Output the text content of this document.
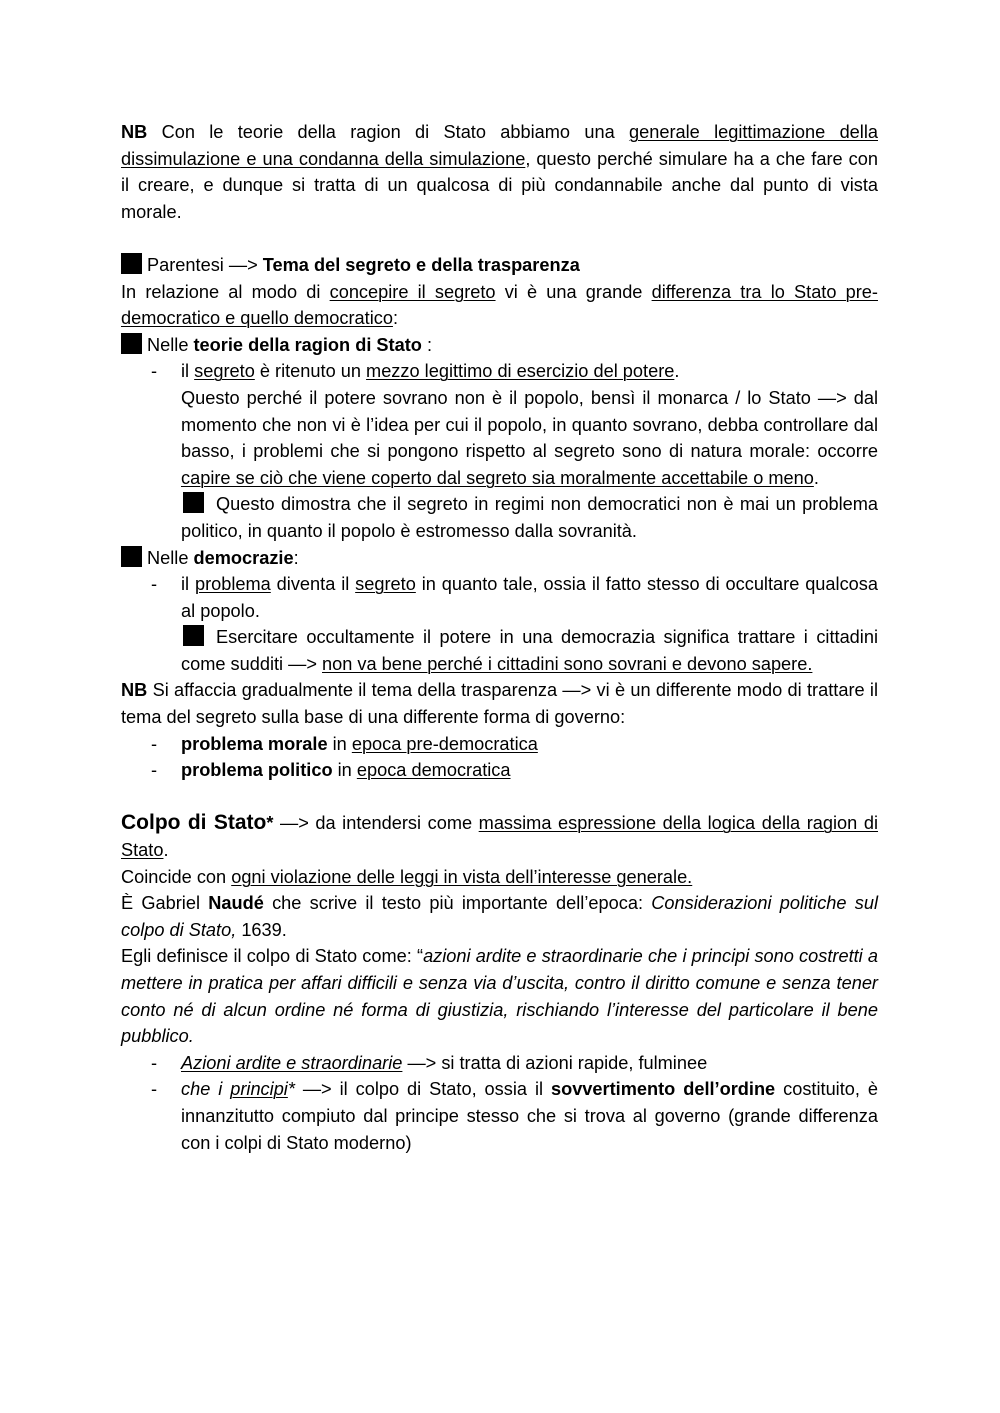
NB Con le teorie della ragion di Stato abbiamo una generale legittimazione della dissimulazione e una condanna della simulazione, questo perché simulare ha a che fare con il creare, e dunque si tratta di un qualcosa di più condannabile anche dal punto di vista morale.

Parentesi —> Tema del segreto e della trasparenza

In relazione al modo di concepire il segreto vi è una grande differenza tra lo Stato pre-democratico e quello democratico:

Nelle teorie della ragion di Stato :

- il segreto è ritenuto un mezzo legittimo di esercizio del potere.
Questo perché il potere sovrano non è il popolo, bensì il monarca / lo Stato —> dal momento che non vi è l’idea per cui il popolo, in quanto sovrano, debba controllare dal basso, i problemi che si pongono rispetto al segreto sono di natura morale: occorre capire se ciò che viene coperto dal segreto sia moralmente accettabile o meno.
Questo dimostra che il segreto in regimi non democratici non è mai un problema politico, in quanto il popolo è estromesso dalla sovranità.

Nelle democrazie:

- il problema diventa il segreto in quanto tale, ossia il fatto stesso di occultare qualcosa al popolo.
Esercitare occultamente il potere in una democrazia significa trattare i cittadini come sudditi —> non va bene perché i cittadini sono sovrani e devono sapere.

NB Si affaccia gradualmente il tema della trasparenza —> vi è un differente modo di trattare il tema del segreto sulla base di una differente forma di governo:

- problema morale in epoca pre-democratica
- problema politico in epoca democratica

Colpo di Stato* —> da intendersi come massima espressione della logica della ragion di Stato.

Coincide con ogni violazione delle leggi in vista dell’interesse generale.

È Gabriel Naudé che scrive il testo più importante dell’epoca: Considerazioni politiche sul colpo di Stato, 1639.

Egli definisce il colpo di Stato come: “azioni ardite e straordinarie che i principi sono costretti a mettere in pratica per affari difficili e senza via d’uscita, contro il diritto comune e senza tener conto né di alcun ordine né forma di giustizia, rischiando l’interesse del particolare il bene pubblico.

- Azioni ardite e straordinarie —> si tratta di azioni rapide, fulminee
- che i principi* —> il colpo di Stato, ossia il sovvertimento dell’ordine costituito, è innanzitutto compiuto dal principe stesso che si trova al governo (grande differenza con i colpi di Stato moderno)
